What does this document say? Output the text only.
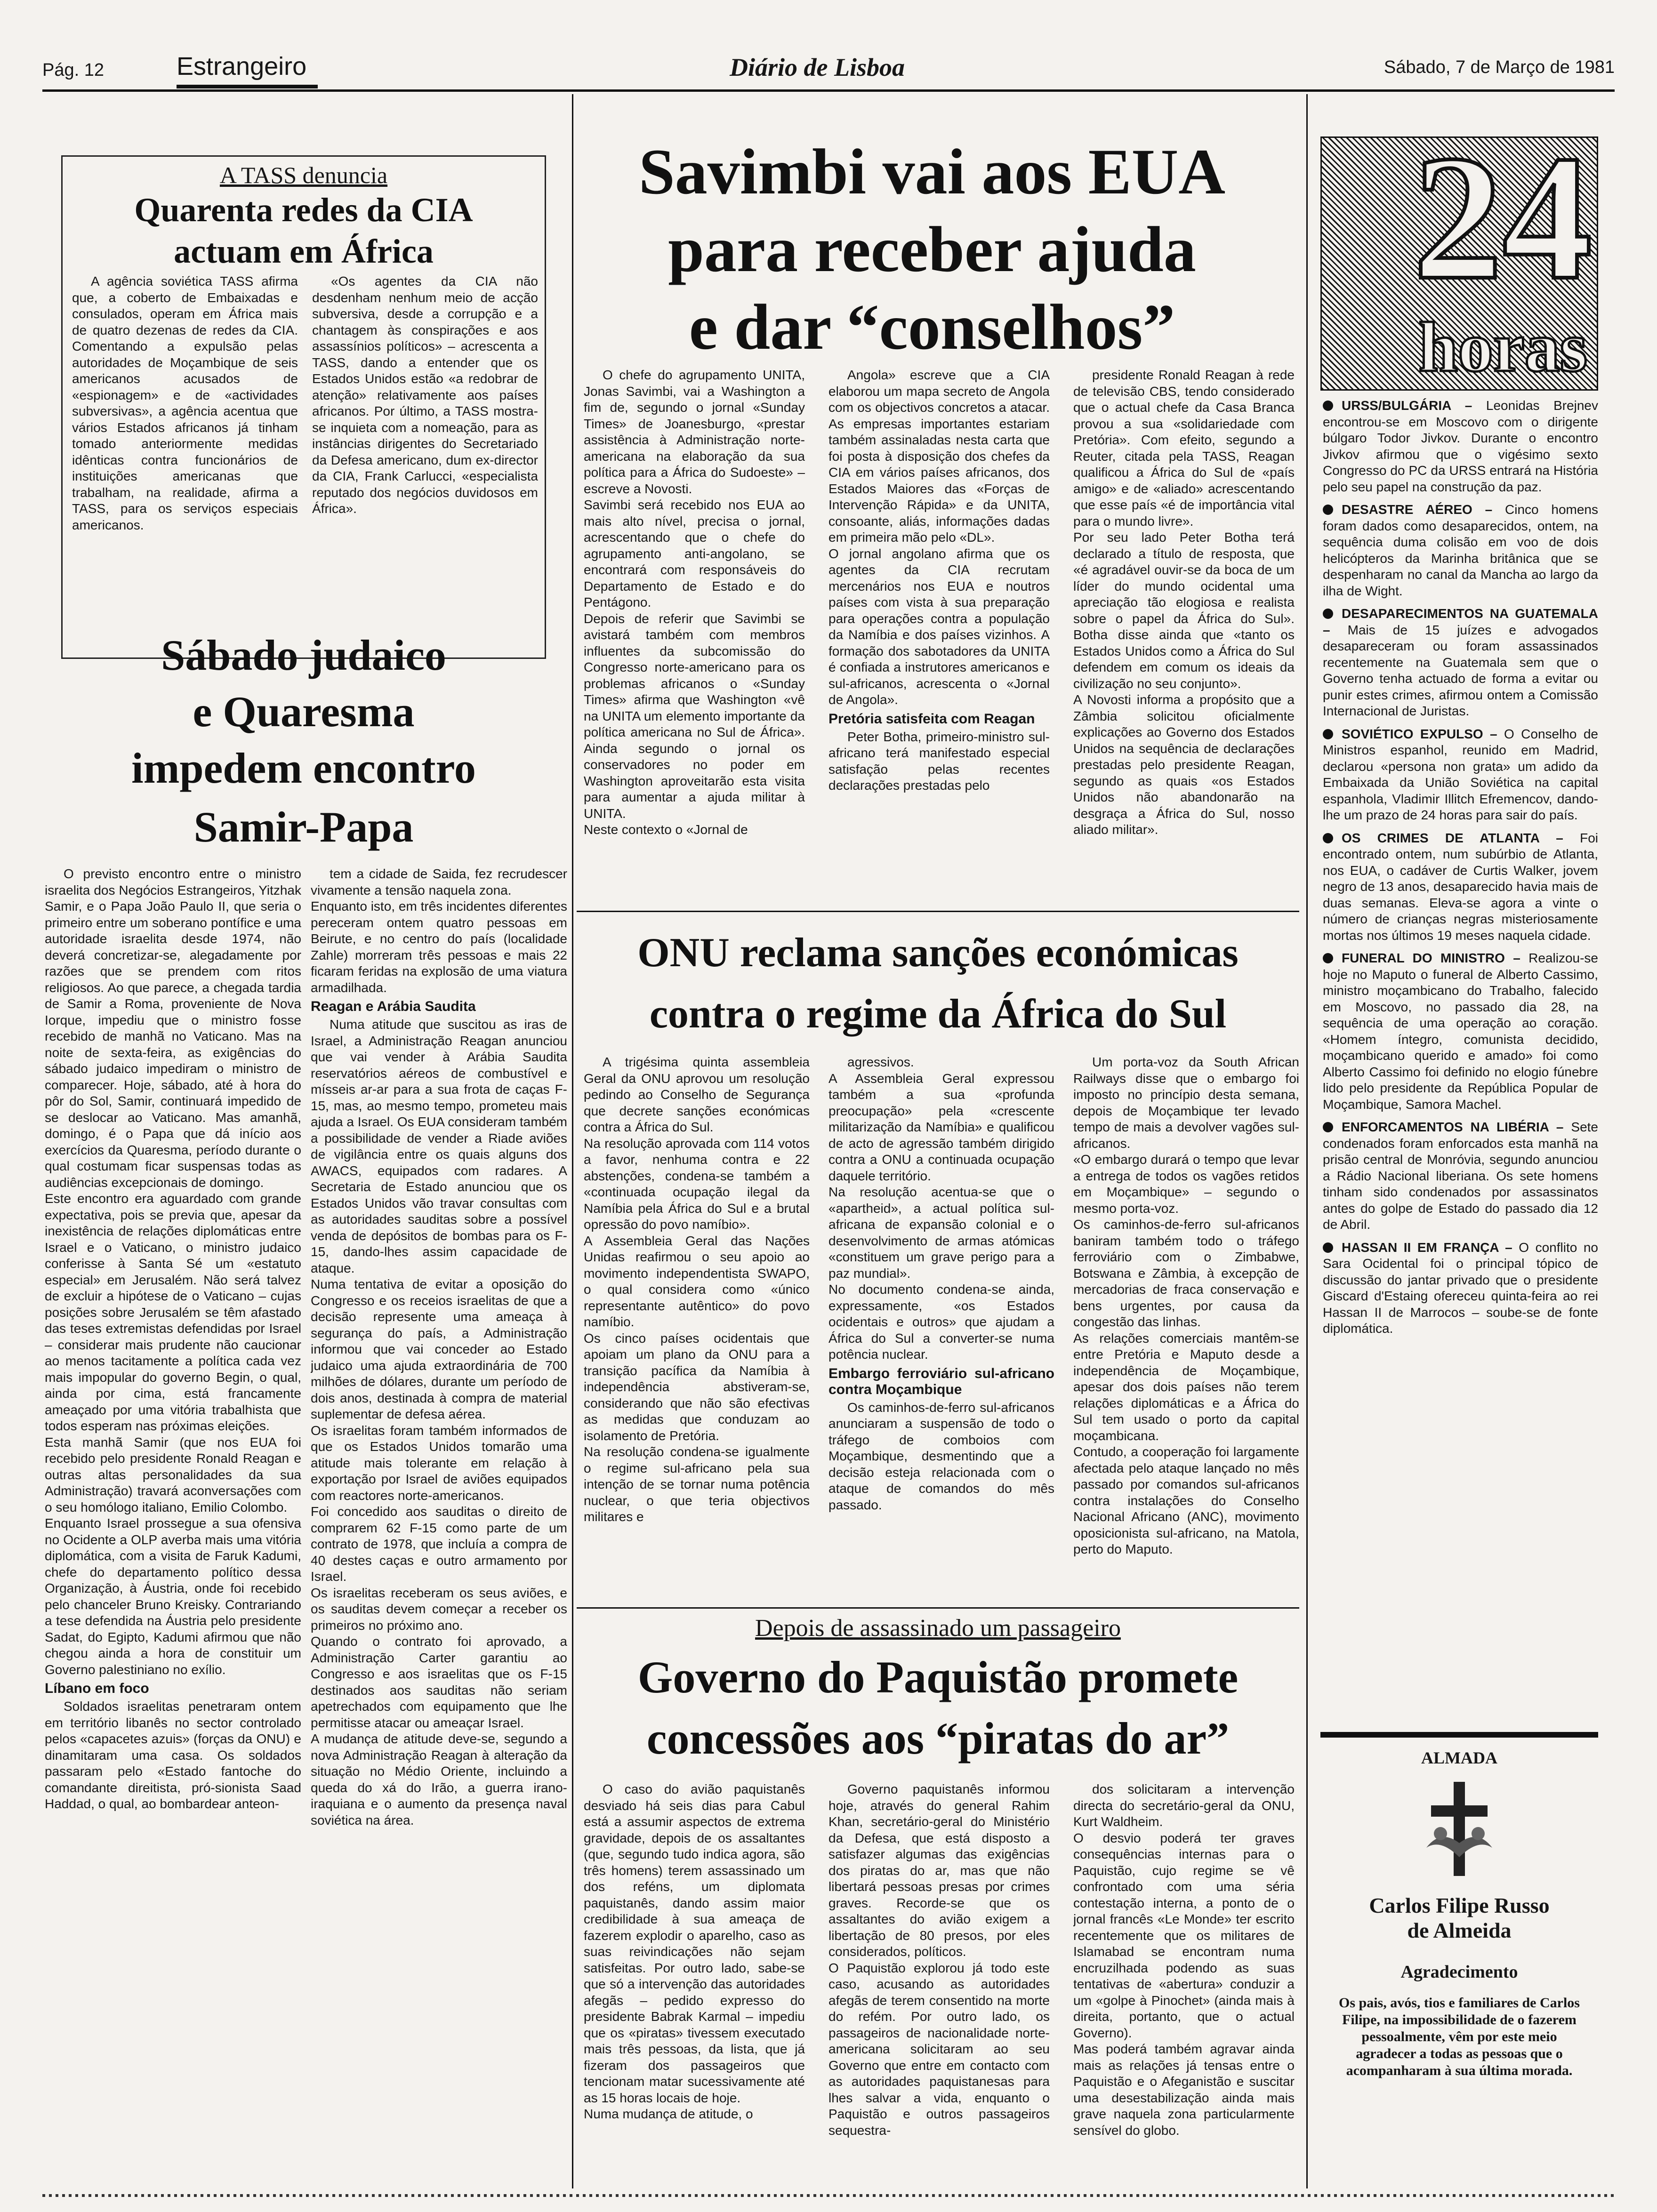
Pág. 12	Estrangeiro	Diário de Lisboa	Sábado, 7 de Março de 1981
A TASS denuncia
Quarenta redes da CIA
actuam em África

A agência soviética TASS afirma que, a coberto de Embaixadas e consulados, operam em África mais de quatro dezenas de redes da CIA. Comentando a expulsão pelas autoridades de Moçambique de seis americanos acusados de «espionagem» e de «actividades subversivas», a agência acentua que vários Estados africanos já tinham tomado anteriormente medidas idênticas contra funcionários de instituições americanas que trabalham, na realidade, afirma a TASS, para os serviços especiais americanos.

«Os agentes da CIA não desdenham nenhum meio de acção subversiva, desde a corrupção e a chantagem às conspirações e aos assassínios políticos» – acrescenta a TASS, dando a entender que os Estados Unidos estão «a redobrar de atenção» relativamente aos países africanos. Por último, a TASS mostra-se inquieta com a nomeação, para as instâncias dirigentes do Secretariado da Defesa americano, dum ex-director da CIA, Frank Carlucci, «especialista reputado dos negócios duvidosos em África».

Sábado judaico
e Quaresma
impedem encontro
Samir-Papa

O previsto encontro entre o ministro israelita dos Negócios Estrangeiros, Yitzhak Samir, e o Papa João Paulo II, que seria o primeiro entre um soberano pontífice e uma autoridade israelita desde 1974, não deverá concretizar-se, alegadamente por razões que se prendem com ritos religiosos. Ao que parece, a chegada tardia de Samir a Roma, proveniente de Nova Iorque, impediu que o ministro fosse recebido de manhã no Vaticano. Mas na noite de sexta-feira, as exigências do sábado judaico impediram o ministro de comparecer. Hoje, sábado, até à hora do pôr do Sol, Samir, continuará impedido de se deslocar ao Vaticano. Mas amanhã, domingo, é o Papa que dá início aos exercícios da Quaresma, período durante o qual costumam ficar suspensas todas as audiências excepcionais de domingo.
Este encontro era aguardado com grande expectativa, pois se previa que, apesar da inexistência de relações diplomáticas entre Israel e o Vaticano, o ministro judaico conferisse à Santa Sé um «estatuto especial» em Jerusalém. Não será talvez de excluir a hipótese de o Vaticano – cujas posições sobre Jerusalém se têm afastado das teses extremistas defendidas por Israel – considerar mais prudente não caucionar ao menos tacitamente a política cada vez mais impopular do governo Begin, o qual, ainda por cima, está francamente ameaçado por uma vitória trabalhista que todos esperam nas próximas eleições.
Esta manhã Samir (que nos EUA foi recebido pelo presidente Ronald Reagan e outras altas personalidades da sua Administração) travará aconversações com o seu homólogo italiano, Emilio Colombo.
Enquanto Israel prossegue a sua ofensiva no Ocidente a OLP averba mais uma vitória diplomática, com a visita de Faruk Kadumi, chefe do departamento político dessa Organização, à Áustria, onde foi recebido pelo chanceler Bruno Kreisky. Contrariando a tese defendida na Áustria pelo presidente Sadat, do Egipto, Kadumi afirmou que não chegou ainda a hora de constituir um Governo palestiniano no exílio.

Líbano em foco

Soldados israelitas penetraram ontem em território libanês no sector controlado pelos «capacetes azuis» (forças da ONU) e dinamitaram uma casa. Os soldados passaram pelo «Estado fantoche do comandante direitista, pró-sionista Saad Haddad, o qual, ao bombardear anteon-

tem a cidade de Saida, fez recrudescer vivamente a tensão naquela zona.
Enquanto isto, em três incidentes diferentes pereceram ontem quatro pessoas em Beirute, e no centro do país (localidade Zahle) morreram três pessoas e mais 22 ficaram feridas na explosão de uma viatura armadilhada.

Reagan e Arábia Saudita

Numa atitude que suscitou as iras de Israel, a Administração Reagan anunciou que vai vender à Arábia Saudita reservatórios aéreos de combustível e mísseis ar-ar para a sua frota de caças F-15, mas, ao mesmo tempo, prometeu mais ajuda a Israel. Os EUA consideram também a possibilidade de vender a Riade aviões de vigilância entre os quais alguns dos AWACS, equipados com radares. A Secretaria de Estado anunciou que os Estados Unidos vão travar consultas com as autoridades sauditas sobre a possível venda de depósitos de bombas para os F-15, dando-lhes assim capacidade de ataque.
Numa tentativa de evitar a oposição do Congresso e os receios israelitas de que a decisão represente uma ameaça à segurança do país, a Administração informou que vai conceder ao Estado judaico uma ajuda extraordinária de 700 milhões de dólares, durante um período de dois anos, destinada à compra de material suplementar de defesa aérea.
Os israelitas foram também informados de que os Estados Unidos tomarão uma atitude mais tolerante em relação à exportação por Israel de aviões equipados com reactores norte-americanos.
Foi concedido aos sauditas o direito de comprarem 62 F-15 como parte de um contrato de 1978, que incluía a compra de 40 destes caças e outro armamento por Israel.
Os israelitas receberam os seus aviões, e os sauditas devem começar a receber os primeiros no próximo ano.
Quando o contrato foi aprovado, a Administração Carter garantiu ao Congresso e aos israelitas que os F-15 destinados aos sauditas não seriam apetrechados com equipamento que lhe permitisse atacar ou ameaçar Israel.
A mudança de atitude deve-se, segundo a nova Administração Reagan à alteração da situação no Médio Oriente, incluindo a queda do xá do Irão, a guerra irano-iraquiana e o aumento da presença naval soviética na área.

Savimbi vai aos EUA
para receber ajuda
e dar “conselhos”

O chefe do agrupamento UNITA, Jonas Savimbi, vai a Washington a fim de, segundo o jornal «Sunday Times» de Joanesburgo, «prestar assistência à Administração norte-americana na elaboração da sua política para a África do Sudoeste» – escreve a Novosti.
Savimbi será recebido nos EUA ao mais alto nível, precisa o jornal, acrescentando que o chefe do agrupamento anti-angolano, se encontrará com responsáveis do Departamento de Estado e do Pentágono.
Depois de referir que Savimbi se avistará também com membros influentes da subcomissão do Congresso norte-americano para os problemas africanos o «Sunday Times» afirma que Washington «vê na UNITA um elemento importante da política americana no Sul de África». Ainda segundo o jornal os conservadores no poder em Washington aproveitarão esta visita para aumentar a ajuda militar à UNITA.
Neste contexto o «Jornal de

Angola» escreve que a CIA elaborou um mapa secreto de Angola com os objectivos concretos a atacar. As empresas importantes estariam também assinaladas nesta carta que foi posta à disposição dos chefes da CIA em vários países africanos, dos Estados Maiores das «Forças de Intervenção Rápida» e da UNITA, consoante, aliás, informações dadas em primeira mão pelo «DL».
O jornal angolano afirma que os agentes da CIA recrutam mercenários nos EUA e noutros países com vista à sua preparação para operações contra a população da Namíbia e dos países vizinhos. A formação dos sabotadores da UNITA é confiada a instrutores americanos e sul-africanos, acrescenta o «Jornal de Angola».

Pretória satisfeita com Reagan

Peter Botha, primeiro-ministro sul-africano terá manifestado especial satisfação pelas recentes declarações prestadas pelo

presidente Ronald Reagan à rede de televisão CBS, tendo considerado que o actual chefe da Casa Branca provou a sua «solidariedade com Pretória». Com efeito, segundo a Reuter, citada pela TASS, Reagan qualificou a África do Sul de «país amigo» e de «aliado» acrescentando que esse país «é de importância vital para o mundo livre».
Por seu lado Peter Botha terá declarado a título de resposta, que «é agradável ouvir-se da boca de um líder do mundo ocidental uma apreciação tão elogiosa e realista sobre o papel da África do Sul». Botha disse ainda que «tanto os Estados Unidos como a África do Sul defendem em comum os ideais da civilização no seu conjunto».
A Novosti informa a propósito que a Zâmbia solicitou oficialmente explicações ao Governo dos Estados Unidos na sequência de declarações prestadas pelo presidente Reagan, segundo as quais «os Estados Unidos não abandonarão na desgraça a África do Sul, nosso aliado militar».

ONU reclama sanções económicas
contra o regime da África do Sul

A trigésima quinta assembleia Geral da ONU aprovou um resolução pedindo ao Conselho de Segurança que decrete sanções económicas contra a África do Sul.
Na resolução aprovada com 114 votos a favor, nenhuma contra e 22 abstenções, condena-se também a «continuada ocupação ilegal da Namíbia pela África do Sul e a brutal opressão do povo namíbio».
A Assembleia Geral das Nações Unidas reafirmou o seu apoio ao movimento independentista SWAPO, o qual considera como «único representante autêntico» do povo namíbio.
Os cinco países ocidentais que apoiam um plano da ONU para a transição pacífica da Namíbia à independência abstiveram-se, considerando que não são efectivas as medidas que conduzam ao isolamento de Pretória.
Na resolução condena-se igualmente o regime sul-africano pela sua intenção de se tornar numa potência nuclear, o que teria objectivos militares e

agressivos.
A Assembleia Geral expressou também a sua «profunda preocupação» pela «crescente militarização da Namíbia» e qualificou de acto de agressão também dirigido contra a ONU a continuada ocupação daquele território.
Na resolução acentua-se que o «apartheid», a actual política sul-africana de expansão colonial e o desenvolvimento de armas atómicas «constituem um grave perigo para a paz mundial».
No documento condena-se ainda, expressamente, «os Estados ocidentais e outros» que ajudam a África do Sul a converter-se numa potência nuclear.

Embargo ferroviário sul-africano contra Moçambique

Os caminhos-de-ferro sul-africanos anunciaram a suspensão de todo o tráfego de comboios com Moçambique, desmentindo que a decisão esteja relacionada com o ataque de comandos do mês passado.

Um porta-voz da South African Railways disse que o embargo foi imposto no princípio desta semana, depois de Moçambique ter levado tempo de mais a devolver vagões sul-africanos.
«O embargo durará o tempo que levar a entrega de todos os vagões retidos em Moçambique» – segundo o mesmo porta-voz.
Os caminhos-de-ferro sul-africanos baniram também todo o tráfego ferroviário com o Zimbabwe, Botswana e Zâmbia, à excepção de mercadorias de fraca conservação e bens urgentes, por causa da congestão das linhas.
As relações comerciais mantêm-se entre Pretória e Maputo desde a independência de Moçambique, apesar dos dois países não terem relações diplomáticas e a África do Sul tem usado o porto da capital moçambicana.
Contudo, a cooperação foi largamente afectada pelo ataque lançado no mês passado por comandos sul-africanos contra instalações do Conselho Nacional Africano (ANC), movimento oposicionista sul-africano, na Matola, perto do Maputo.

Depois de assassinado um passageiro
Governo do Paquistão promete
concessões aos “piratas do ar”

O caso do avião paquistanês desviado há seis dias para Cabul está a assumir aspectos de extrema gravidade, depois de os assaltantes (que, segundo tudo indica agora, são três homens) terem assassinado um dos reféns, um diplomata paquistanês, dando assim maior credibilidade à sua ameaça de fazerem explodir o aparelho, caso as suas reivindicações não sejam satisfeitas. Por outro lado, sabe-se que só a intervenção das autoridades afegãs – pedido expresso do presidente Babrak Karmal – impediu que os «piratas» tivessem executado mais três pessoas, da lista, que já fizeram dos passageiros que tencionam matar sucessivamente até as 15 horas locais de hoje.
Numa mudança de atitude, o

Governo paquistanês informou hoje, através do general Rahim Khan, secretário-geral do Ministério da Defesa, que está disposto a satisfazer algumas das exigências dos piratas do ar, mas que não libertará pessoas presas por crimes graves. Recorde-se que os assaltantes do avião exigem a libertação de 80 presos, por eles considerados, políticos.
O Paquistão explorou já todo este caso, acusando as autoridades afegãs de terem consentido na morte do refém. Por outro lado, os passageiros de nacionalidade norte-americana solicitaram ao seu Governo que entre em contacto com as autoridades paquistanesas para lhes salvar a vida, enquanto o Paquistão e outros passageiros sequestra-

dos solicitaram a intervenção directa do secretário-geral da ONU, Kurt Waldheim.
O desvio poderá ter graves consequências internas para o Paquistão, cujo regime se vê confrontado com uma séria contestação interna, a ponto de o jornal francês «Le Monde» ter escrito recentemente que os militares de Islamabad se encontram numa encruzilhada podendo as suas tentativas de «abertura» conduzir a um «golpe à Pinochet» (ainda mais à direita, portanto, que o actual Governo).
Mas poderá também agravar ainda mais as relações já tensas entre o Paquistão e o Afeganistão e suscitar uma desestabilização ainda mais grave naquela zona particularmente sensível do globo.

24
horas
URSS/BULGÁRIA – Leonidas Brejnev encontrou-se em Moscovo com o dirigente búlgaro Todor Jivkov. Durante o encontro Jivkov afirmou que o vigésimo sexto Congresso do PC da URSS entrará na História pelo seu papel na construção da paz.
DESASTRE AÉREO – Cinco homens foram dados como desaparecidos, ontem, na sequência duma colisão em voo de dois helicópteros da Marinha britânica que se despenharam no canal da Mancha ao largo da ilha de Wight.
DESAPARECIMENTOS NA GUATEMALA – Mais de 15 juízes e advogados desapareceram ou foram assassinados recentemente na Guatemala sem que o Governo tenha actuado de forma a evitar ou punir estes crimes, afirmou ontem a Comissão Internacional de Juristas.
SOVIÉTICO EXPULSO – O Conselho de Ministros espanhol, reunido em Madrid, declarou «persona non grata» um adido da Embaixada da União Soviética na capital espanhola, Vladimir Illitch Efremencov, dando-lhe um prazo de 24 horas para sair do país.
OS CRIMES DE ATLANTA – Foi encontrado ontem, num subúrbio de Atlanta, nos EUA, o cadáver de Curtis Walker, jovem negro de 13 anos, desaparecido havia mais de duas semanas. Eleva-se agora a vinte o número de crianças negras misteriosamente mortas nos últimos 19 meses naquela cidade.
FUNERAL DO MINISTRO – Realizou-se hoje no Maputo o funeral de Alberto Cassimo, ministro moçambicano do Trabalho, falecido em Moscovo, no passado dia 28, na sequência de uma operação ao coração. «Homem íntegro, comunista decidido, moçambicano querido e amado» foi como Alberto Cassimo foi definido no elogio fúnebre lido pelo presidente da República Popular de Moçambique, Samora Machel.
ENFORCAMENTOS NA LIBÉRIA – Sete condenados foram enforcados esta manhã na prisão central de Monróvia, segundo anunciou a Rádio Nacional liberiana. Os sete homens tinham sido condenados por assassinatos antes do golpe de Estado do passado dia 12 de Abril.
HASSAN II EM FRANÇA – O conflito no Sara Ocidental foi o principal tópico de discussão do jantar privado que o presidente Giscard d'Estaing ofereceu quinta-feira ao rei Hassan II de Marrocos – soube-se de fonte diplomática.
ALMADA
Carlos Filipe Russo
de Almeida
Agradecimento
Os pais, avós, tios e familiares de Carlos Filipe, na impossibilidade de o fazerem pessoalmente, vêm por este meio agradecer a todas as pessoas que o acompanharam à sua última morada.
